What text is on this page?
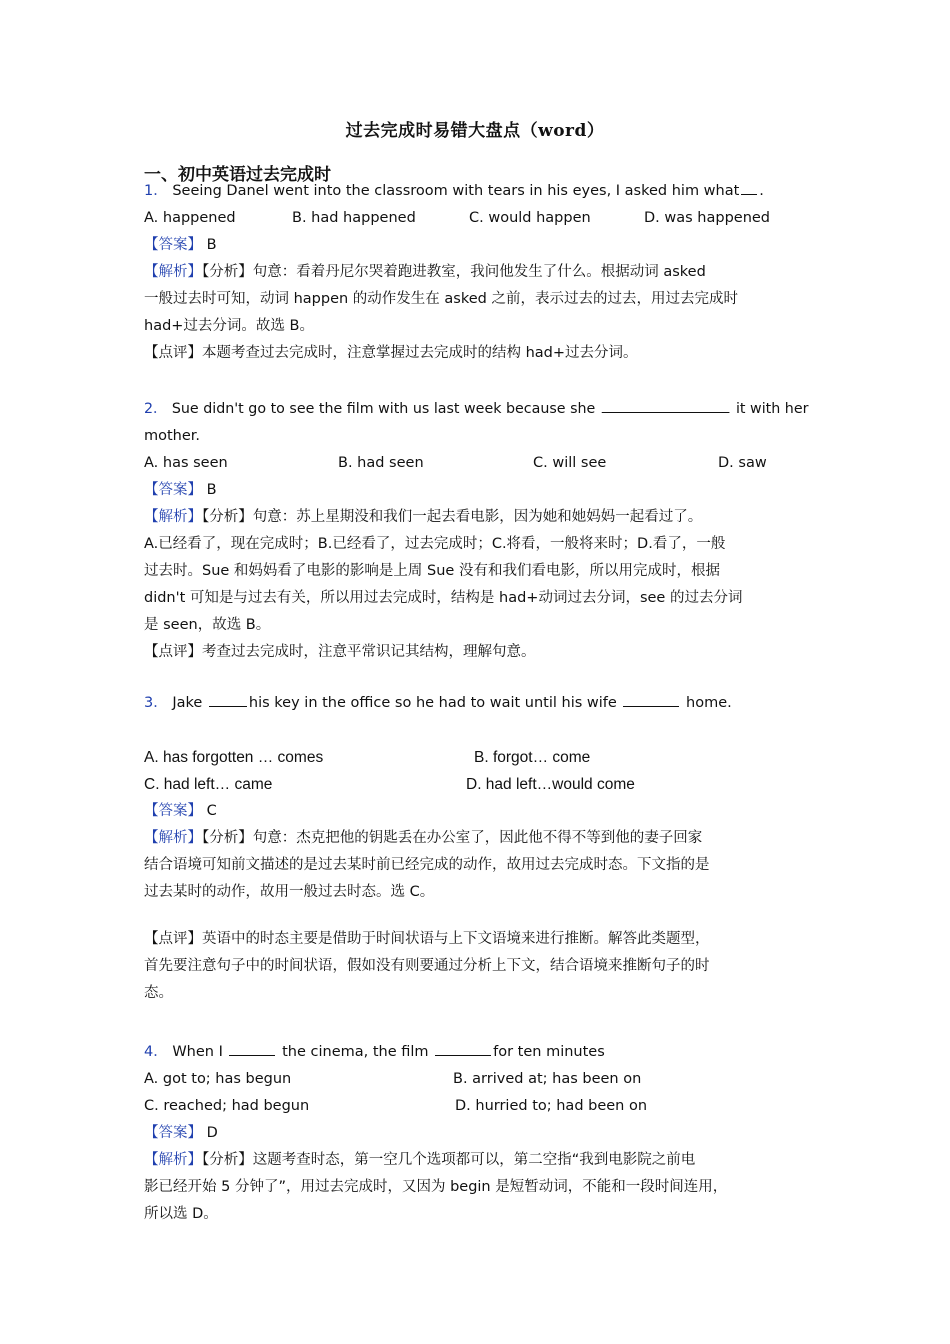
过去完成时易错大盘点（word）
一、初中英语过去完成时
1． Seeing Danel went into the classroom with tears in his eyes, I asked him what .
A. happened	B. had happened	C. would happen	D. was happened
【答案】 B
【解析】【分析】句意：看着丹尼尔哭着跑进教室，我问他发生了什么。根据动词 asked
一般过去时可知，动词 happen 的动作发生在 asked 之前，表示过去的过去，用过去完成时
had+过去分词。故选 B。
【点评】本题考查过去完成时，注意掌握过去完成时的结构 had+过去分词。
2． Sue didn't go to see the film with us last week because she	it with her
mother.
A. has seen	B. had seen	C. will see	D. saw
【答案】 B
【解析】【分析】句意：苏上星期没和我们一起去看电影，因为她和她妈妈一起看过了。
A.已经看了，现在完成时；B.已经看了，过去完成时；C.将看，一般将来时；D.看了，一般
过去时。Sue 和妈妈看了电影的影响是上周 Sue 没有和我们看电影，所以用完成时，根据
didn't 可知是与过去有关，所以用过去完成时，结构是 had+动词过去分词，see 的过去分词
是 seen，故选 B。
【点评】考查过去完成时，注意平常识记其结构，理解句意。
3． Jake	his key in the office so he had to wait until his wife	home.
A. has forgotten … comes	B. forgot… come
C. had left… came	D. had left…would come
【答案】 C
【解析】【分析】句意：杰克把他的钥匙丢在办公室了，因此他不得不等到他的妻子回家
结合语境可知前文描述的是过去某时前已经完成的动作，故用过去完成时态。下文指的是
过去某时的动作，故用一般过去时态。选 C。
【点评】英语中的时态主要是借助于时间状语与上下文语境来进行推断。解答此类题型，
首先要注意句子中的时间状语，假如没有则要通过分析上下文，结合语境来推断句子的时
态。
4． When I	the cinema, the film	for ten minutes
A. got to; has begun	B. arrived at; has been on
C. reached; had begun	D. hurried to; had been on
【答案】 D
【解析】【分析】这题考查时态，第一空几个选项都可以，第二空指“我到电影院之前电
影已经开始 5 分钟了”，用过去完成时，又因为 begin 是短暂动词，不能和一段时间连用，
所以选 D。
